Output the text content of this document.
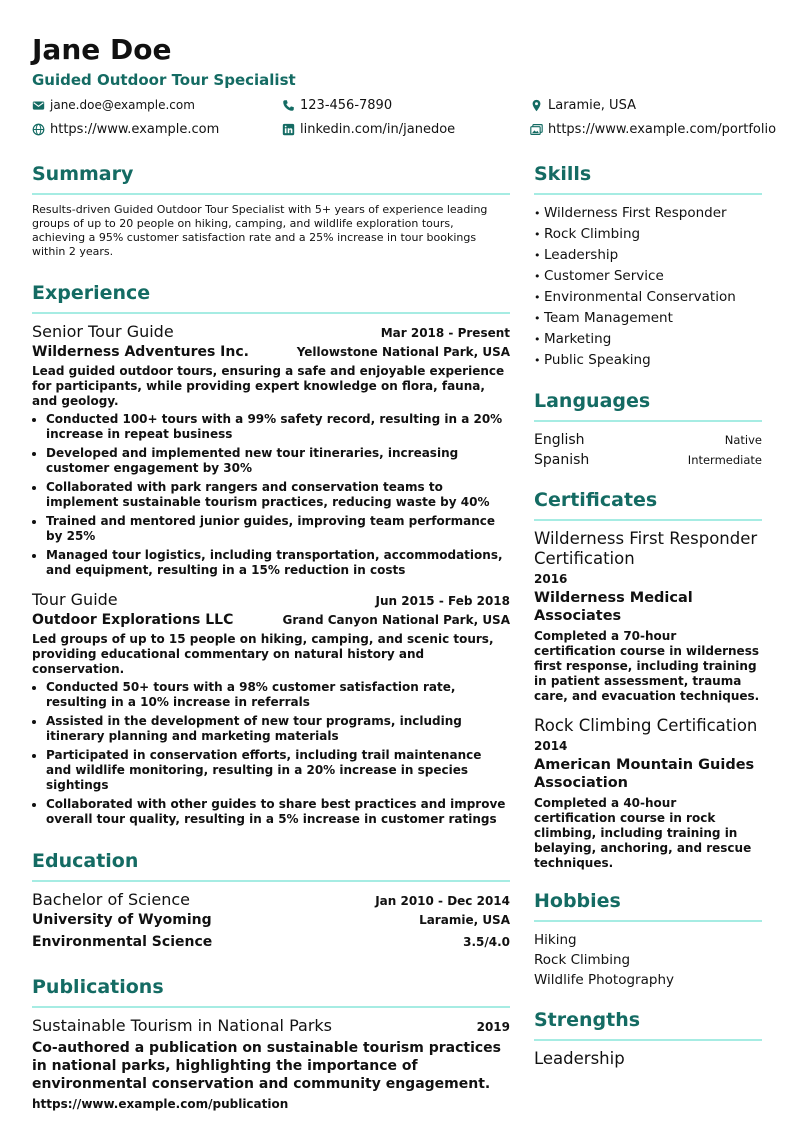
Jane Doe
Guided Outdoor Tour Specialist
jane.doe@example.com	123-456-7890	Laramie, USA
https://www.example.com	linkedin.com/in/janedoe	https://www.example.com/portfolio
Summary

Results-driven Guided Outdoor Tour Specialist with 5+ years of experience leading groups of up to 20 people on hiking, camping, and wildlife exploration tours, achieving a 95% customer satisfaction rate and a 25% increase in tour bookings within 2 years.

Experience
Senior Tour Guide	Mar 2018 - Present
Wilderness Adventures Inc.	Yellowstone National Park, USA

Lead guided outdoor tours, ensuring a safe and enjoyable experience for participants, while providing expert knowledge on flora, fauna, and geology.

• Conducted 100+ tours with a 99% safety record, resulting in a 20% increase in repeat business
• Developed and implemented new tour itineraries, increasing customer engagement by 30%
• Collaborated with park rangers and conservation teams to implement sustainable tourism practices, reducing waste by 40%
• Trained and mentored junior guides, improving team performance by 25%
• Managed tour logistics, including transportation, accommodations, and equipment, resulting in a 15% reduction in costs
Tour Guide	Jun 2015 - Feb 2018
Outdoor Explorations LLC	Grand Canyon National Park, USA

Led groups of up to 15 people on hiking, camping, and scenic tours, providing educational commentary on natural history and conservation.

• Conducted 50+ tours with a 98% customer satisfaction rate, resulting in a 10% increase in referrals
• Assisted in the development of new tour programs, including itinerary planning and marketing materials
• Participated in conservation efforts, including trail maintenance and wildlife monitoring, resulting in a 20% increase in species sightings
• Collaborated with other guides to share best practices and improve overall tour quality, resulting in a 5% increase in customer ratings
Education
Bachelor of Science	Jan 2010 - Dec 2014
University of Wyoming	Laramie, USA
Environmental Science	3.5/4.0
Publications
Sustainable Tourism in National Parks	2019

Co-authored a publication on sustainable tourism practices in national parks, highlighting the importance of environmental conservation and community engagement.

https://www.example.com/publication
Skills
• Wilderness First Responder
• Rock Climbing
• Leadership
• Customer Service
• Environmental Conservation
• Team Management
• Marketing
• Public Speaking
Languages
English	Native
Spanish	Intermediate
Certificates
Wilderness First Responder Certification
2016
Wilderness Medical Associates
Completed a 70-hour certification course in wilderness first response, including training in patient assessment, trauma care, and evacuation techniques.
Rock Climbing Certification
2014
American Mountain Guides Association
Completed a 40-hour certification course in rock climbing, including training in belaying, anchoring, and rescue techniques.
Hobbies
Hiking
Rock Climbing
Wildlife Photography
Strengths
Leadership
